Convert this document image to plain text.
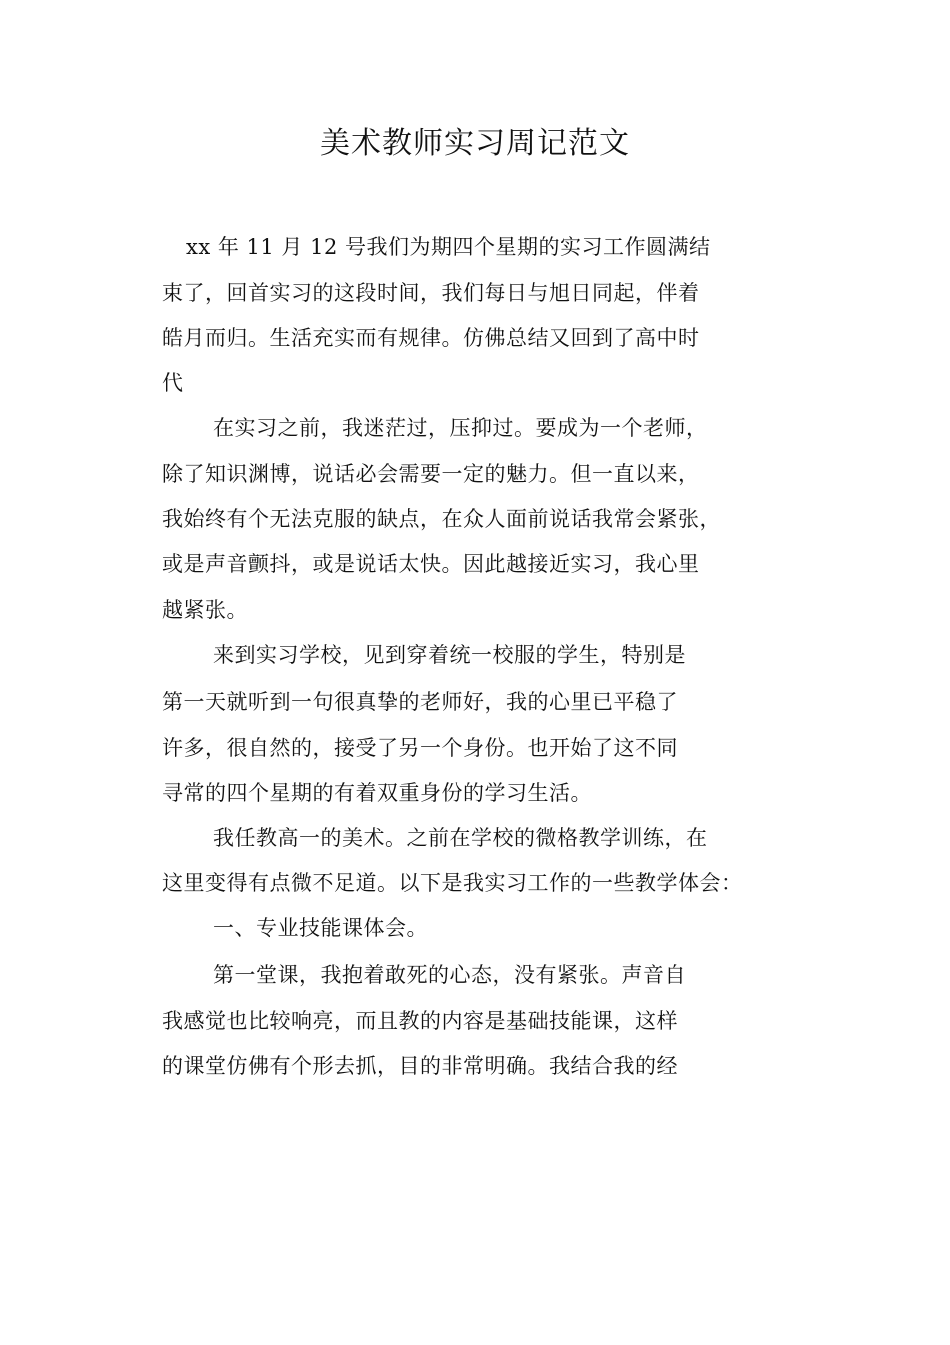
美术教师实习周记范文
xx 年 11 月 12 号我们为期四个星期的实习工作圆满结
束了，回首实习的这段时间，我们每日与旭日同起，伴着
皓月而归。生活充实而有规律。仿佛总结又回到了高中时
代
在实习之前，我迷茫过，压抑过。要成为一个老师，
除了知识渊博，说话必会需要一定的魅力。但一直以来，
我始终有个无法克服的缺点，在众人面前说话我常会紧张，
或是声音颤抖，或是说话太快。因此越接近实习，我心里
越紧张。
来到实习学校，见到穿着统一校服的学生，特别是
第一天就听到一句很真挚的老师好，我的心里已平稳了
许多，很自然的，接受了另一个身份。也开始了这不同
寻常的四个星期的有着双重身份的学习生活。
我任教高一的美术。之前在学校的微格教学训练，在
这里变得有点微不足道。以下是我实习工作的一些教学体会：
一、专业技能课体会。
第一堂课，我抱着敢死的心态，没有紧张。声音自
我感觉也比较响亮，而且教的内容是基础技能课，这样
的课堂仿佛有个形去抓，目的非常明确。我结合我的经
